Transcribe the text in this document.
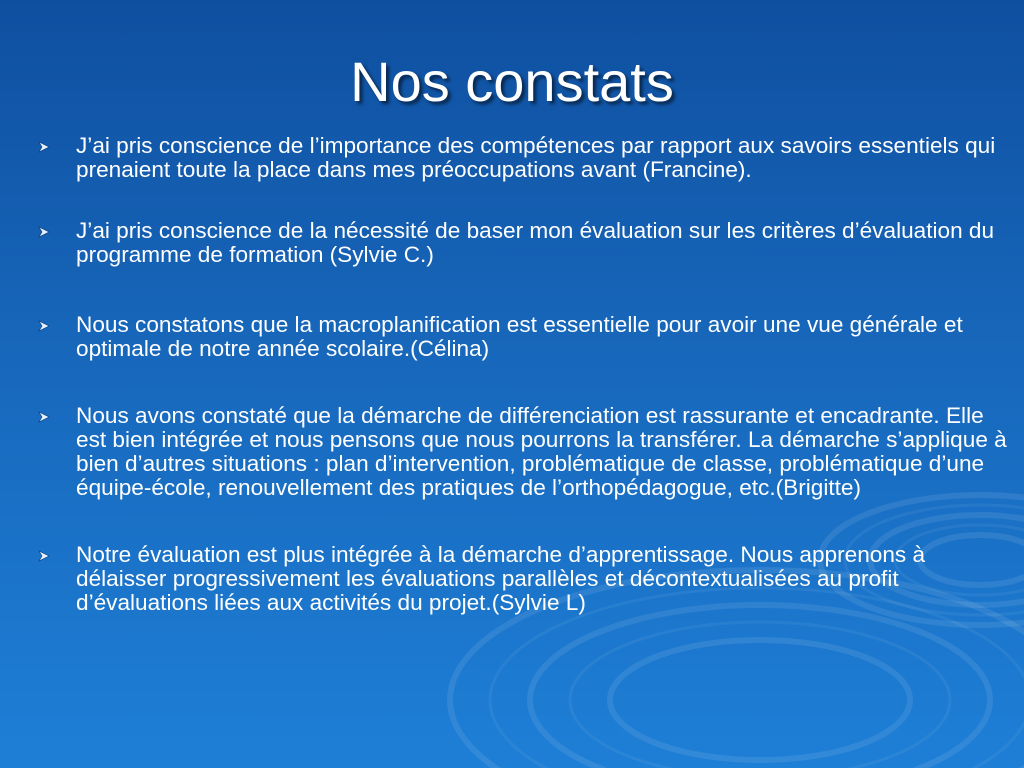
Nos constats
J’ai pris conscience de l’importance des compétences par rapport aux savoirs essentiels qui prenaient toute la place dans mes préoccupations avant (Francine).
J’ai pris conscience de la nécessité de baser mon évaluation sur les critères d’évaluation du programme de formation (Sylvie C.)
Nous constatons que la macroplanification est essentielle pour avoir une vue générale et optimale de notre année scolaire.(Célina)
Nous avons constaté que la démarche de différenciation est rassurante et encadrante. Elle est bien intégrée et nous pensons que nous pourrons la transférer. La démarche s’applique à bien d’autres situations : plan d’intervention, problématique de classe, problématique d’une équipe-école, renouvellement des pratiques de l’orthopédagogue, etc.(Brigitte)
Notre évaluation est plus intégrée à la démarche d’apprentissage. Nous apprenons à délaisser progressivement les évaluations parallèles et décontextualisées au profit d’évaluations liées aux activités du projet.(Sylvie L)
